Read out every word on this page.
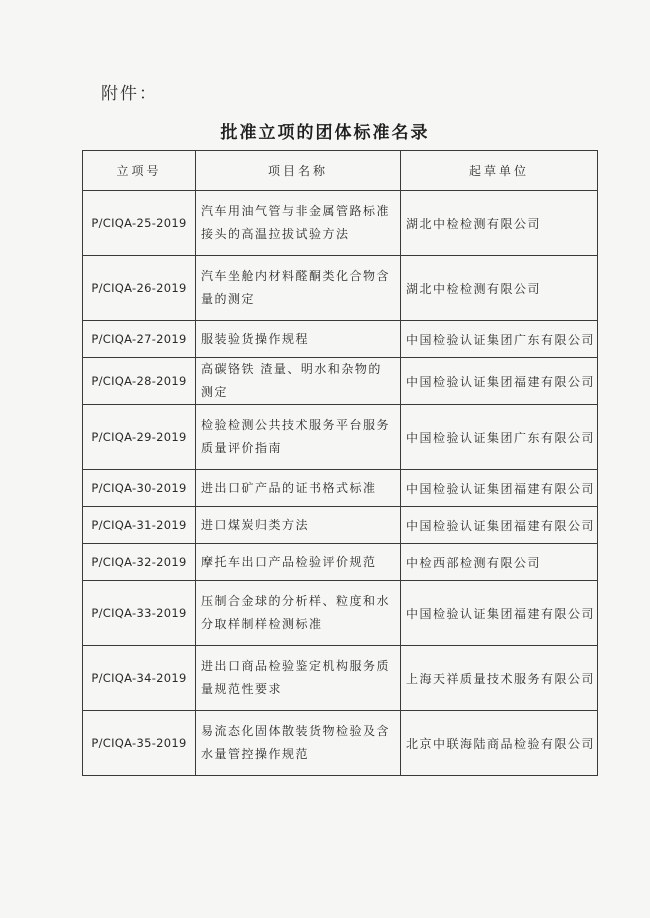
附件：
批准立项的团体标准名录
立项号	项目名称	起草单位
P/CIQA-25-2019	汽车用油气管与非金属管路标准接头的高温拉拔试验方法	湖北中检检测有限公司
P/CIQA-26-2019	汽车坐舱内材料醛酮类化合物含量的测定	湖北中检检测有限公司
P/CIQA-27-2019	服装验货操作规程	中国检验认证集团广东有限公司
P/CIQA-28-2019	高碳铬铁 渣量、明水和杂物的测定	中国检验认证集团福建有限公司
P/CIQA-29-2019	检验检测公共技术服务平台服务质量评价指南	中国检验认证集团广东有限公司
P/CIQA-30-2019	进出口矿产品的证书格式标准	中国检验认证集团福建有限公司
P/CIQA-31-2019	进口煤炭归类方法	中国检验认证集团福建有限公司
P/CIQA-32-2019	摩托车出口产品检验评价规范	中检西部检测有限公司
P/CIQA-33-2019	压制合金球的分析样、粒度和水分取样制样检测标准	中国检验认证集团福建有限公司
P/CIQA-34-2019	进出口商品检验鉴定机构服务质量规范性要求	上海天祥质量技术服务有限公司
P/CIQA-35-2019	易流态化固体散装货物检验及含水量管控操作规范	北京中联海陆商品检验有限公司
